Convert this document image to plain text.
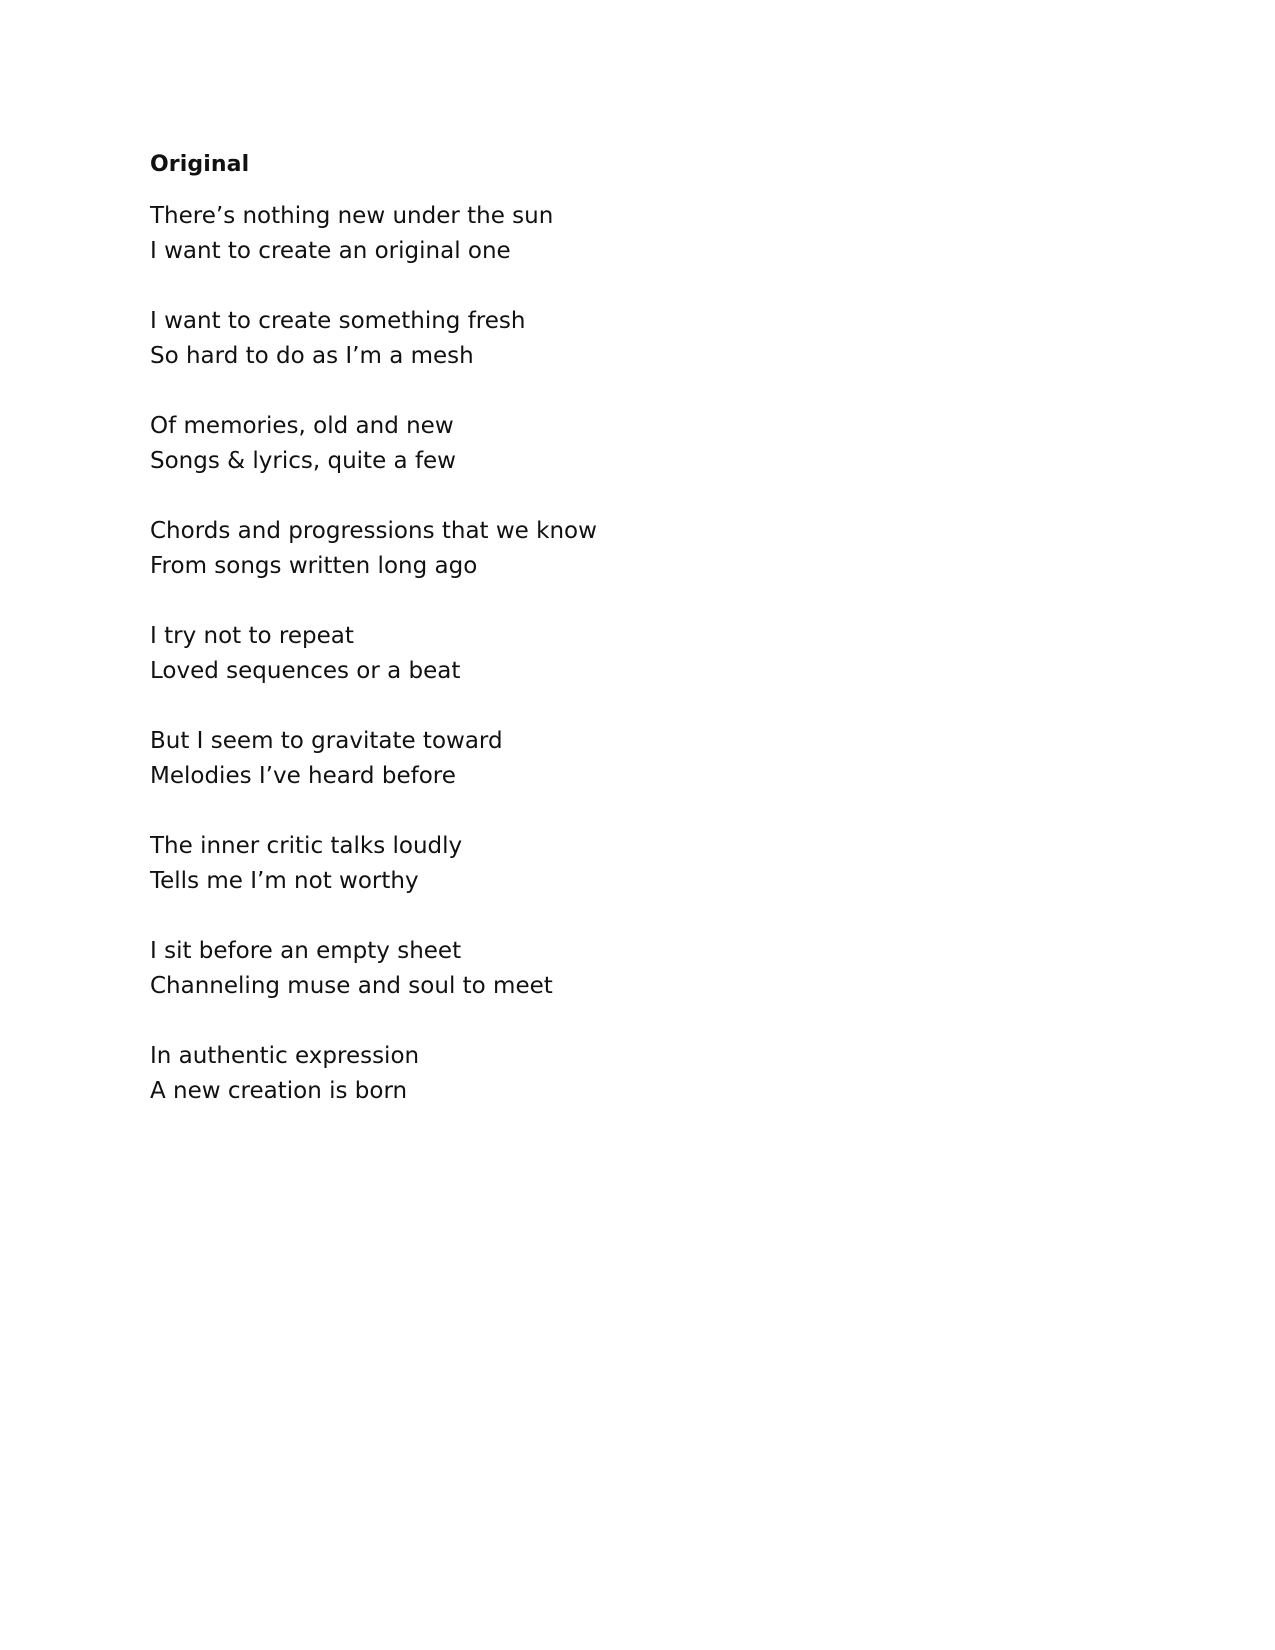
Original
There’s nothing new under the sun
I want to create an original one
I want to create something fresh
So hard to do as I’m a mesh
Of memories, old and new
Songs & lyrics, quite a few
Chords and progressions that we know
From songs written long ago
I try not to repeat
Loved sequences or a beat
But I seem to gravitate toward
Melodies I’ve heard before
The inner critic talks loudly
Tells me I’m not worthy
I sit before an empty sheet
Channeling muse and soul to meet
In authentic expression
A new creation is born
